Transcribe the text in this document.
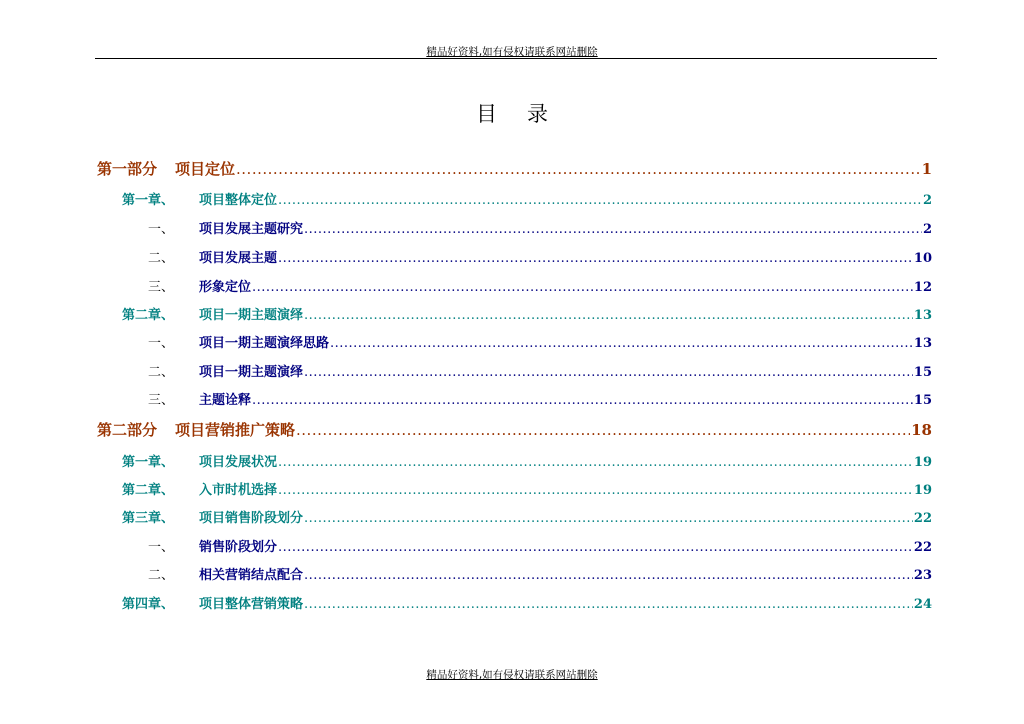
精品好资料,如有侵权请联系网站删除
目录
第一部分	项目定位 .....	1
第一章、	项目整体定位 .....	2
一、	项目发展主题研究 .....	2
二、	项目发展主题 .....	10
三、	形象定位 .....	12
第二章、	项目一期主题演绎 .....	13
一、	项目一期主题演绎思路 .....	13
二、	项目一期主题演绎 .....	15
三、	主题诠释 .....	15
第二部分	项目营销推广策略 .....	18
第一章、	项目发展状况 .....	19
第二章、	入市时机选择 .....	19
第三章、	项目销售阶段划分 .....	22
一、	销售阶段划分 .....	22
二、	相关营销结点配合 .....	23
第四章、	项目整体营销策略 .....	24
精品好资料,如有侵权请联系网站删除
